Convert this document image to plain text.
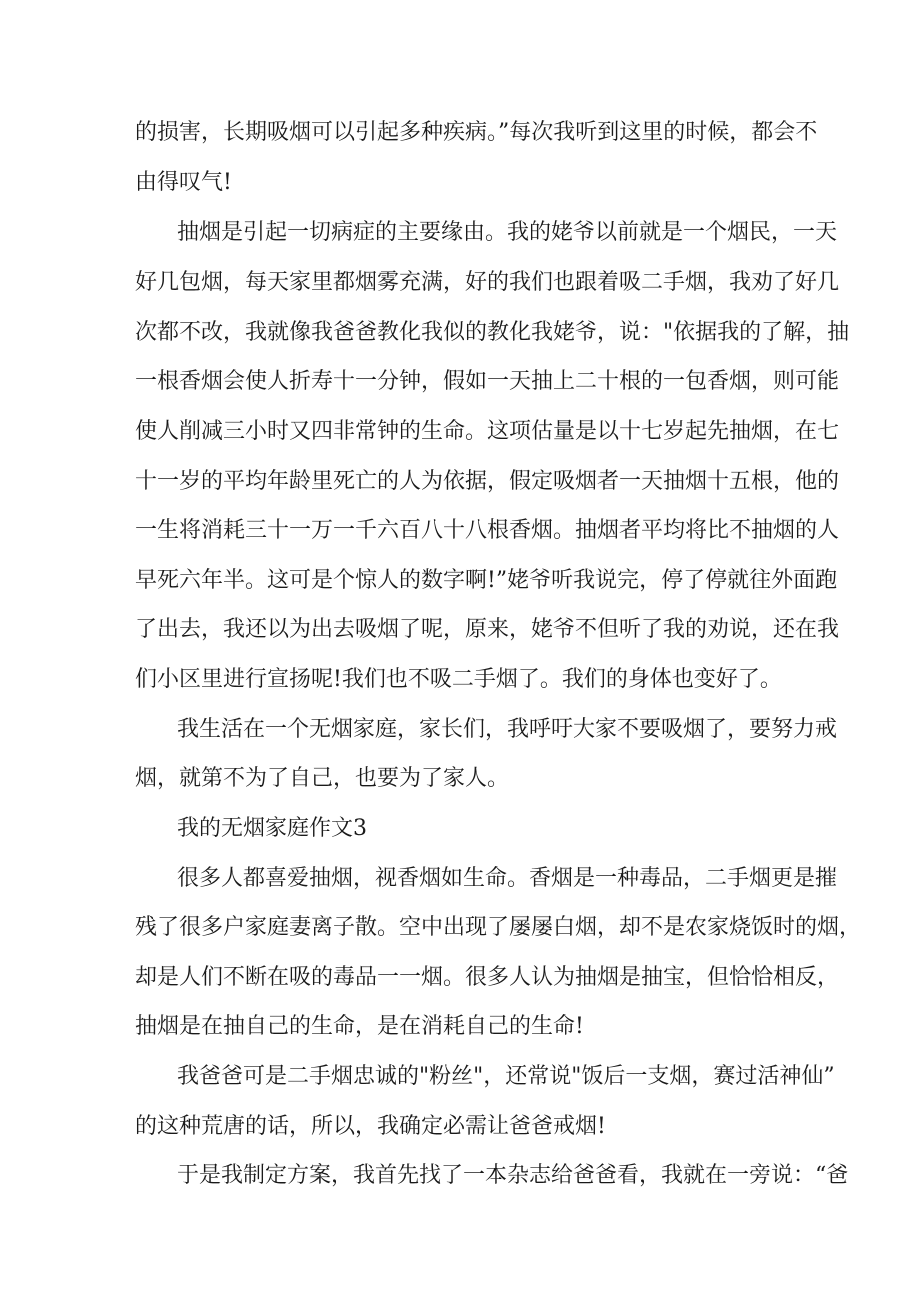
的损害，长期吸烟可以引起多种疾病。”每次我听到这里的时候，都会不
由得叹气!
抽烟是引起一切病症的主要缘由。我的姥爷以前就是一个烟民，一天
好几包烟，每天家里都烟雾充满，好的我们也跟着吸二手烟，我劝了好几
次都不改，我就像我爸爸教化我似的教化我姥爷，说："依据我的了解，抽
一根香烟会使人折寿十一分钟，假如一天抽上二十根的一包香烟，则可能
使人削减三小时又四非常钟的生命。这项估量是以十七岁起先抽烟，在七
十一岁的平均年龄里死亡的人为依据，假定吸烟者一天抽烟十五根，他的
一生将消耗三十一万一千六百八十八根香烟。抽烟者平均将比不抽烟的人
早死六年半。这可是个惊人的数字啊!”姥爷听我说完，停了停就往外面跑
了出去，我还以为出去吸烟了呢，原来，姥爷不但听了我的劝说，还在我
们小区里进行宣扬呢!我们也不吸二手烟了。我们的身体也变好了。
我生活在一个无烟家庭，家长们，我呼吁大家不要吸烟了，要努力戒
烟，就第不为了自己，也要为了家人。
我的无烟家庭作文3
很多人都喜爱抽烟，视香烟如生命。香烟是一种毒品，二手烟更是摧
残了很多户家庭妻离子散。空中出现了屡屡白烟，却不是农家烧饭时的烟，
却是人们不断在吸的毒品一一烟。很多人认为抽烟是抽宝，但恰恰相反，
抽烟是在抽自己的生命，是在消耗自己的生命!
我爸爸可是二手烟忠诚的"粉丝"，还常说"饭后一支烟，赛过活神仙”
的这种荒唐的话，所以，我确定必需让爸爸戒烟!
于是我制定方案，我首先找了一本杂志给爸爸看，我就在一旁说：“爸
